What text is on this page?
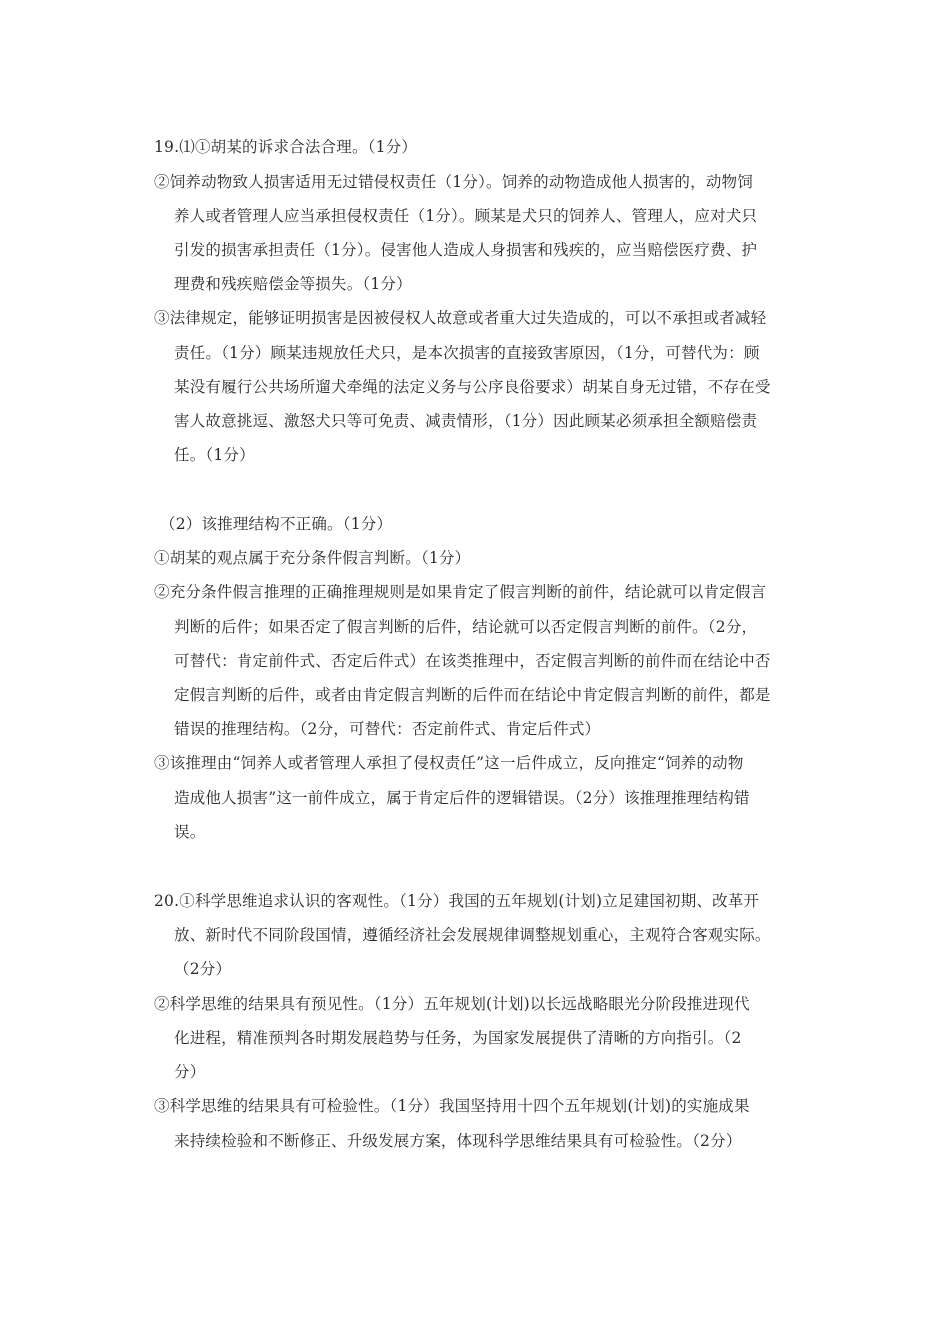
19.⑴①胡某的诉求合法合理。（1分）
②饲养动物致人损害适用无过错侵权责任（1分）。饲养的动物造成他人损害的，动物饲
养人或者管理人应当承担侵权责任（1分）。顾某是犬只的饲养人、管理人，应对犬只
引发的损害承担责任（1分）。侵害他人造成人身损害和残疾的，应当赔偿医疗费、护
理费和残疾赔偿金等损失。（1分）
③法律规定，能够证明损害是因被侵权人故意或者重大过失造成的，可以不承担或者减轻
责任。（1分）顾某违规放任犬只，是本次损害的直接致害原因，（1分，可替代为：顾
某没有履行公共场所遛犬牵绳的法定义务与公序良俗要求）胡某自身无过错，不存在受
害人故意挑逗、激怒犬只等可免责、减责情形，（1分）因此顾某必须承担全额赔偿责
任。（1分）
（2）该推理结构不正确。（1分）
①胡某的观点属于充分条件假言判断。（1分）
②充分条件假言推理的正确推理规则是如果肯定了假言判断的前件，结论就可以肯定假言
判断的后件；如果否定了假言判断的后件，结论就可以否定假言判断的前件。（2分，
可替代：肯定前件式、否定后件式）在该类推理中，否定假言判断的前件而在结论中否
定假言判断的后件，或者由肯定假言判断的后件而在结论中肯定假言判断的前件，都是
错误的推理结构。（2分，可替代：否定前件式、肯定后件式）
③该推理由“饲养人或者管理人承担了侵权责任”这一后件成立，反向推定“饲养的动物
造成他人损害”这一前件成立，属于肯定后件的逻辑错误。（2分）该推理推理结构错
误。
20.①科学思维追求认识的客观性。（1分）我国的五年规划(计划)立足建国初期、改革开
放、新时代不同阶段国情，遵循经济社会发展规律调整规划重心，主观符合客观实际。
（2分）
②科学思维的结果具有预见性。（1分）五年规划(计划)以长远战略眼光分阶段推进现代
化进程，精准预判各时期发展趋势与任务，为国家发展提供了清晰的方向指引。（2
分）
③科学思维的结果具有可检验性。（1分）我国坚持用十四个五年规划(计划)的实施成果
来持续检验和不断修正、升级发展方案，体现科学思维结果具有可检验性。（2分）
